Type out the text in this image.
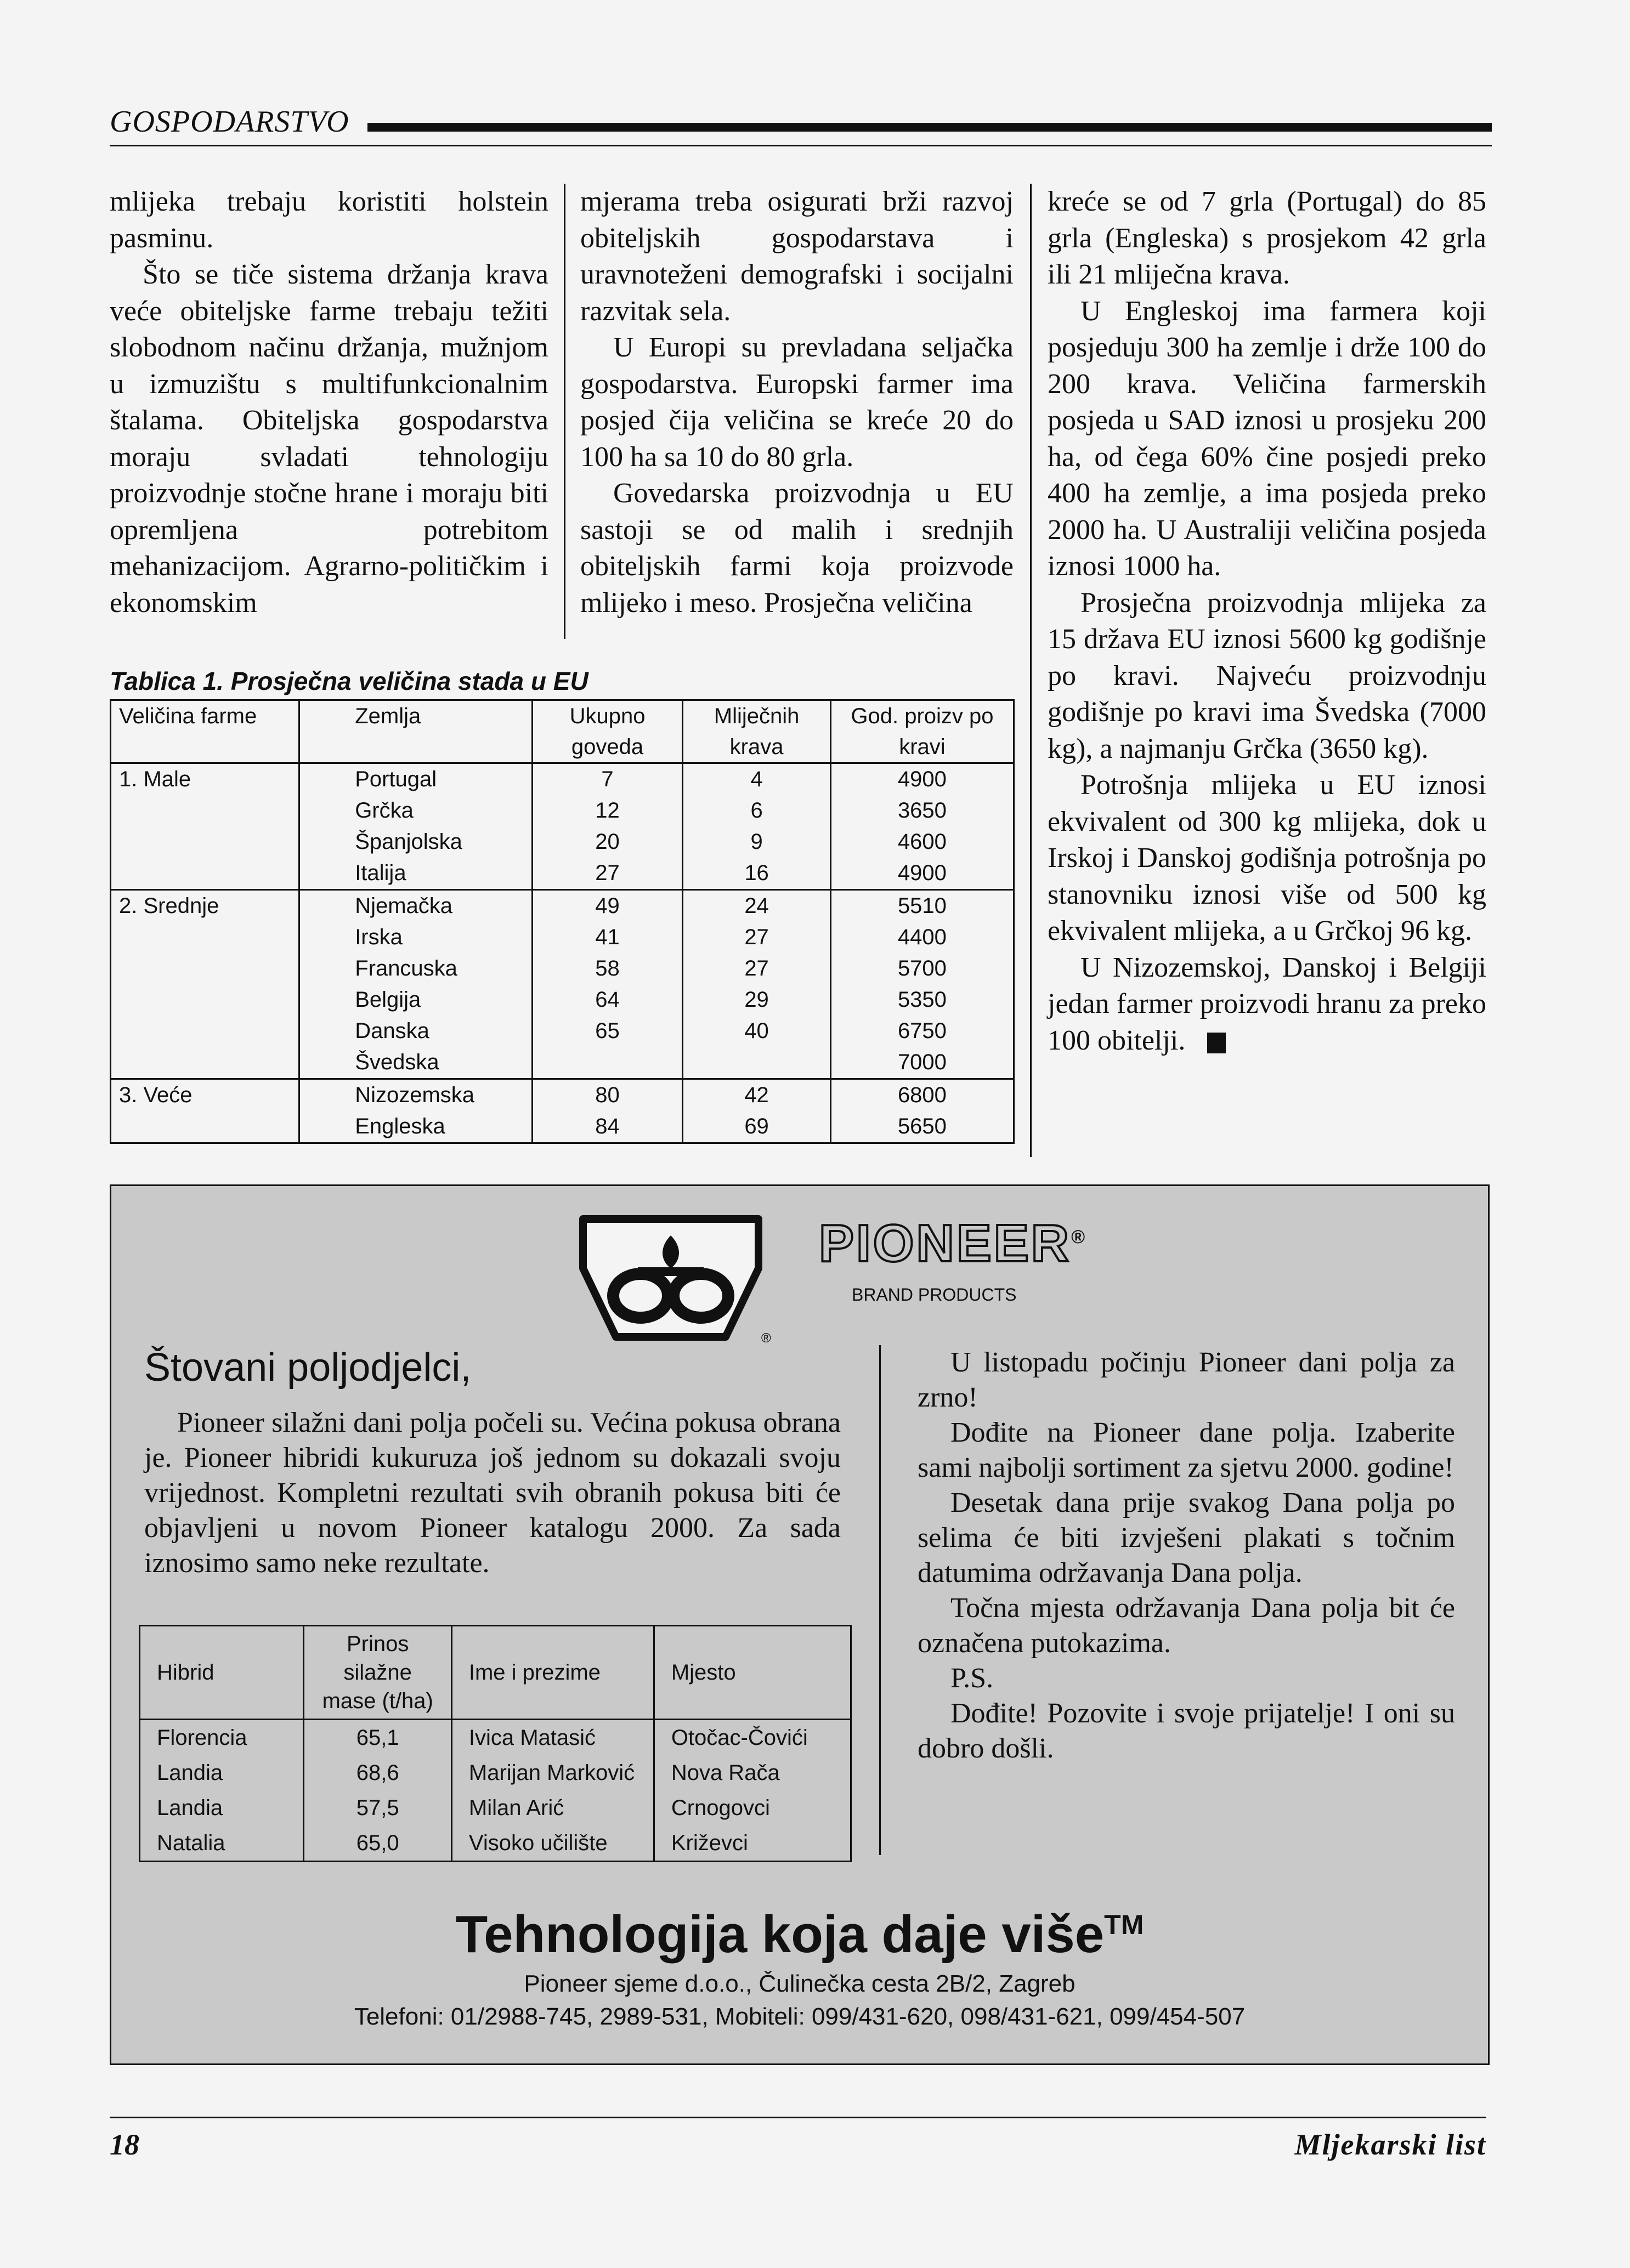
GOSPODARSTVO

mlijeka trebaju koristiti holstein pasminu.

Što se tiče sistema držanja krava veće obiteljske farme trebaju težiti slobodnom načinu držanja, mužnjom u izmuzištu s multifunkcionalnim štalama. Obiteljska gospodarstva moraju svladati tehnologiju proizvodnje stočne hrane i moraju biti opremljena potrebitom mehanizacijom. Agrarno-političkim i ekonomskim

mjerama treba osigurati brži razvoj obiteljskih gospodarstava i uravnoteženi demografski i socijalni razvitak sela.

U Europi su prevladana seljačka gospodarstva. Europski farmer ima posjed čija veličina se kreće 20 do 100 ha sa 10 do 80 grla.

Govedarska proizvodnja u EU sastoji se od malih i srednjih obiteljskih farmi koja proizvode mlijeko i meso. Prosječna veličina

kreće se od 7 grla (Portugal) do 85 grla (Engleska) s prosjekom 42 grla ili 21 mliječna krava.

U Engleskoj ima farmera koji posjeduju 300 ha zemlje i drže 100 do 200 krava. Veličina farmerskih posjeda u SAD iznosi u prosjeku 200 ha, od čega 60% čine posjedi preko 400 ha zemlje, a ima posjeda preko 2000 ha. U Australiji veličina posjeda iznosi 1000 ha.

Prosječna proizvodnja mlijeka za 15 država EU iznosi 5600 kg godišnje po kravi. Najveću proizvodnju godišnje po kravi ima Švedska (7000 kg), a najmanju Grčka (3650 kg).

Potrošnja mlijeka u EU iznosi ekvivalent od 300 kg mlijeka, dok u Irskoj i Danskoj godišnja potrošnja po stanovniku iznosi više od 500 kg ekvivalent mlijeka, a u Grčkoj 96 kg.

U Nizozemskoj, Danskoj i Belgiji jedan farmer proizvodi hranu za preko 100 obitelji.

Tablica 1. Prosječna veličina stada u EU
Veličina farme	Zemlja	Ukupno goveda	Mliječnih krava	God. proizv po kravi
1. Male	Portugal	7	4	4900
	Grčka	12	6	3650
	Španjolska	20	9	4600
	Italija	27	16	4900
2. Srednje	Njemačka	49	24	5510
	Irska	41	27	4400
	Francuska	58	27	5700
	Belgija	64	29	5350
	Danska	65	40	6750
	Švedska			7000
3. Veće	Nizozemska	80	42	6800
	Engleska	84	69	5650
®
PIONEER®
BRAND PRODUCTS
Štovani poljodjelci,

Pioneer silažni dani polja počeli su. Većina pokusa obrana je. Pioneer hibridi kukuruza još jednom su dokazali svoju vrijednost. Kompletni rezultati svih obranih pokusa biti će objavljeni u novom Pioneer katalogu 2000. Za sada iznosimo samo neke rezultate.

Hibrid	Prinos silažne mase (t/ha)	Ime i prezime	Mjesto
Florencia	65,1	Ivica Matasić	Otočac-Čovići
Landia	68,6	Marijan Marković	Nova Rača
Landia	57,5	Milan Arić	Crnogovci
Natalia	65,0	Visoko učilište	Križevci

U listopadu počinju Pioneer dani polja za zrno!

Dođite na Pioneer dane polja. Izaberite sami najbolji sortiment za sjetvu 2000. godine!

Desetak dana prije svakog Dana polja po selima će biti izvješeni plakati s točnim datumima održavanja Dana polja.

Točna mjesta održavanja Dana polja bit će označena putokazima.

P.S.

Dođite! Pozovite i svoje prijatelje! I oni su dobro došli.

Tehnologija koja daje više™
Pioneer sjeme d.o.o., Čulinečka cesta 2B/2, Zagreb
Telefoni: 01/2988-745, 2989-531, Mobiteli: 099/431-620, 098/431-621, 099/454-507
18	Mljekarski list
